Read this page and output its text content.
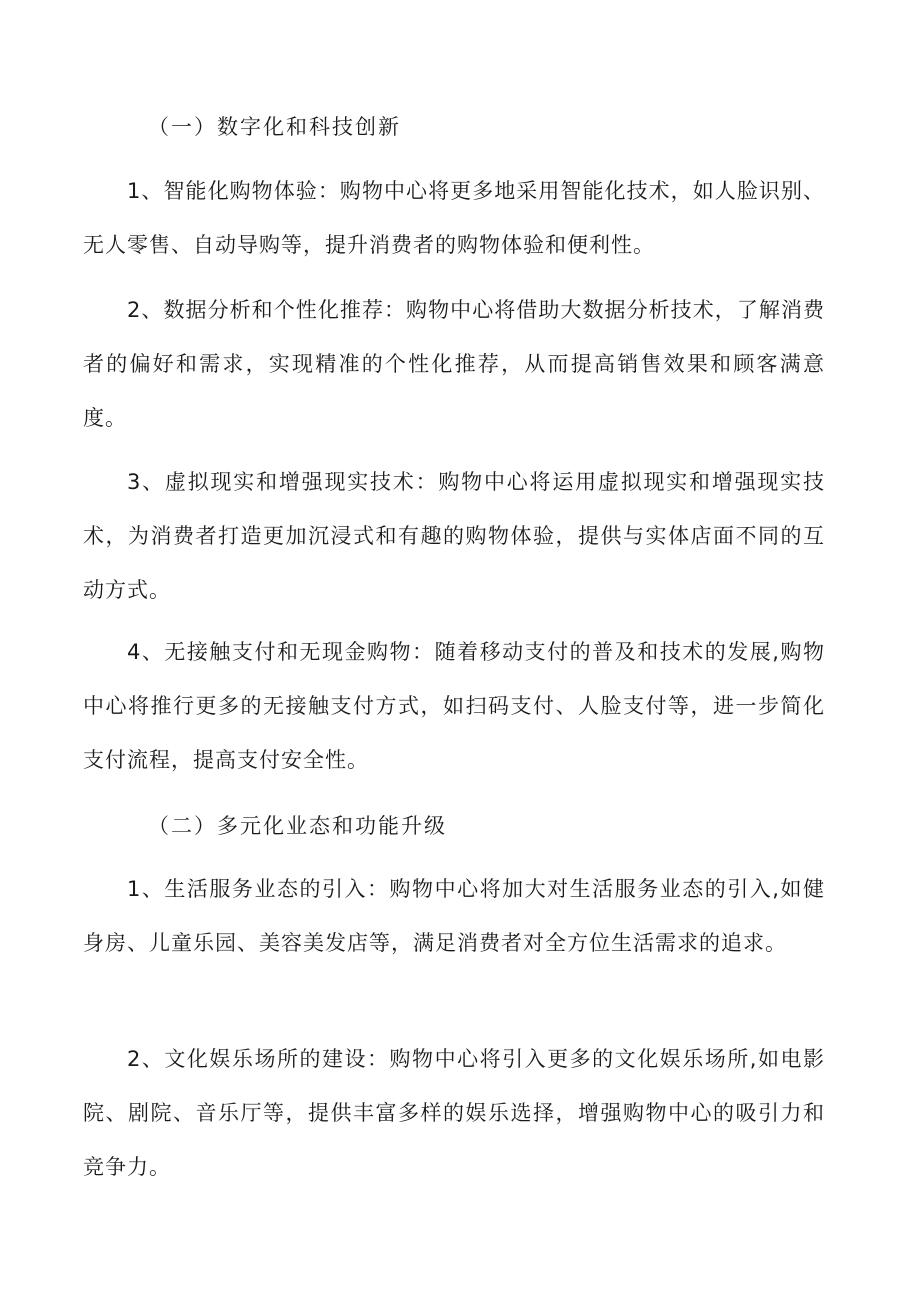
（一）数字化和科技创新

1、智能化购物体验：购物中心将更多地采用智能化技术，如人脸识别、无人零售、自动导购等，提升消费者的购物体验和便利性。

2、数据分析和个性化推荐：购物中心将借助大数据分析技术，了解消费者的偏好和需求，实现精准的个性化推荐，从而提高销售效果和顾客满意度。

3、虚拟现实和增强现实技术：购物中心将运用虚拟现实和增强现实技术，为消费者打造更加沉浸式和有趣的购物体验，提供与实体店面不同的互动方式。

4、无接触支付和无现金购物：随着移动支付的普及和技术的发展,购物中心将推行更多的无接触支付方式，如扫码支付、人脸支付等，进一步简化支付流程，提高支付安全性。

（二）多元化业态和功能升级

1、生活服务业态的引入：购物中心将加大对生活服务业态的引入,如健身房、儿童乐园、美容美发店等，满足消费者对全方位生活需求的追求。

2、文化娱乐场所的建设：购物中心将引入更多的文化娱乐场所,如电影院、剧院、音乐厅等，提供丰富多样的娱乐选择，增强购物中心的吸引力和竞争力。
